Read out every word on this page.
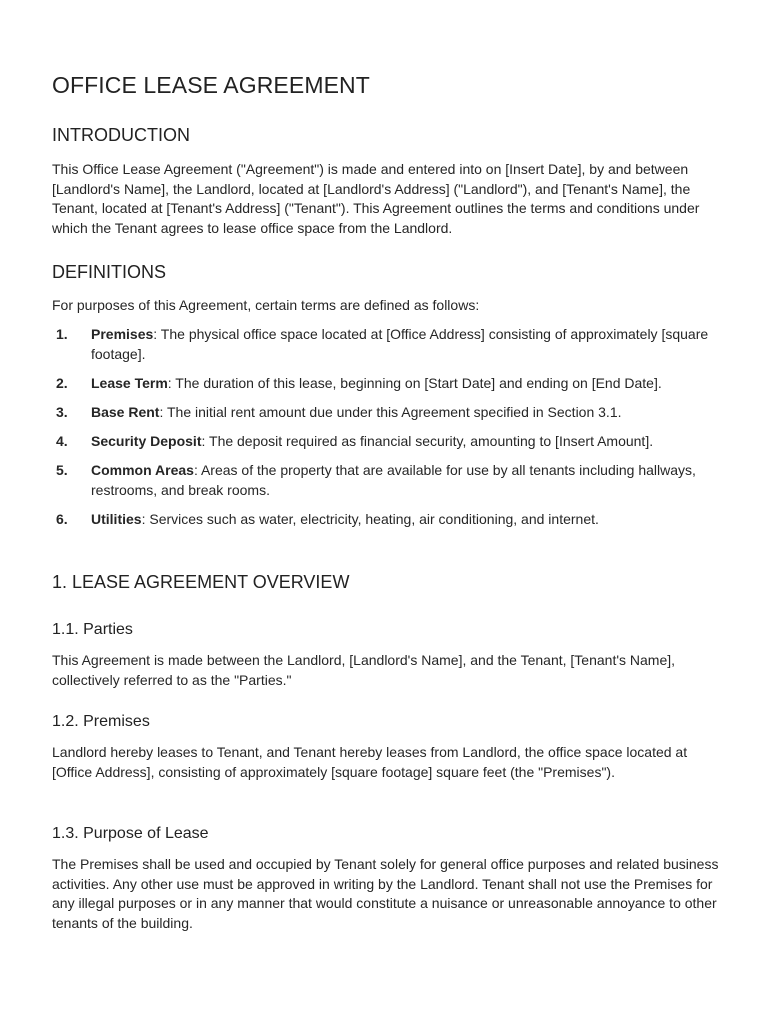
OFFICE LEASE AGREEMENT
INTRODUCTION

This Office Lease Agreement ("Agreement") is made and entered into on [Insert Date], by and between [Landlord's Name], the Landlord, located at [Landlord's Address] ("Landlord"), and [Tenant's Name], the Tenant, located at [Tenant's Address] ("Tenant"). This Agreement outlines the terms and conditions under which the Tenant agrees to lease office space from the Landlord.

DEFINITIONS

For purposes of this Agreement, certain terms are defined as follows:

1. Premises: The physical office space located at [Office Address] consisting of approximately [square footage].
2. Lease Term: The duration of this lease, beginning on [Start Date] and ending on [End Date].
3. Base Rent: The initial rent amount due under this Agreement specified in Section 3.1.
4. Security Deposit: The deposit required as financial security, amounting to [Insert Amount].
5. Common Areas: Areas of the property that are available for use by all tenants including hallways, restrooms, and break rooms.
6. Utilities: Services such as water, electricity, heating, air conditioning, and internet.
1. LEASE AGREEMENT OVERVIEW
1.1. Parties

This Agreement is made between the Landlord, [Landlord's Name], and the Tenant, [Tenant's Name], collectively referred to as the "Parties."

1.2. Premises

Landlord hereby leases to Tenant, and Tenant hereby leases from Landlord, the office space located at [Office Address], consisting of approximately [square footage] square feet (the "Premises").

1.3. Purpose of Lease

The Premises shall be used and occupied by Tenant solely for general office purposes and related business activities. Any other use must be approved in writing by the Landlord. Tenant shall not use the Premises for any illegal purposes or in any manner that would constitute a nuisance or unreasonable annoyance to other tenants of the building.
